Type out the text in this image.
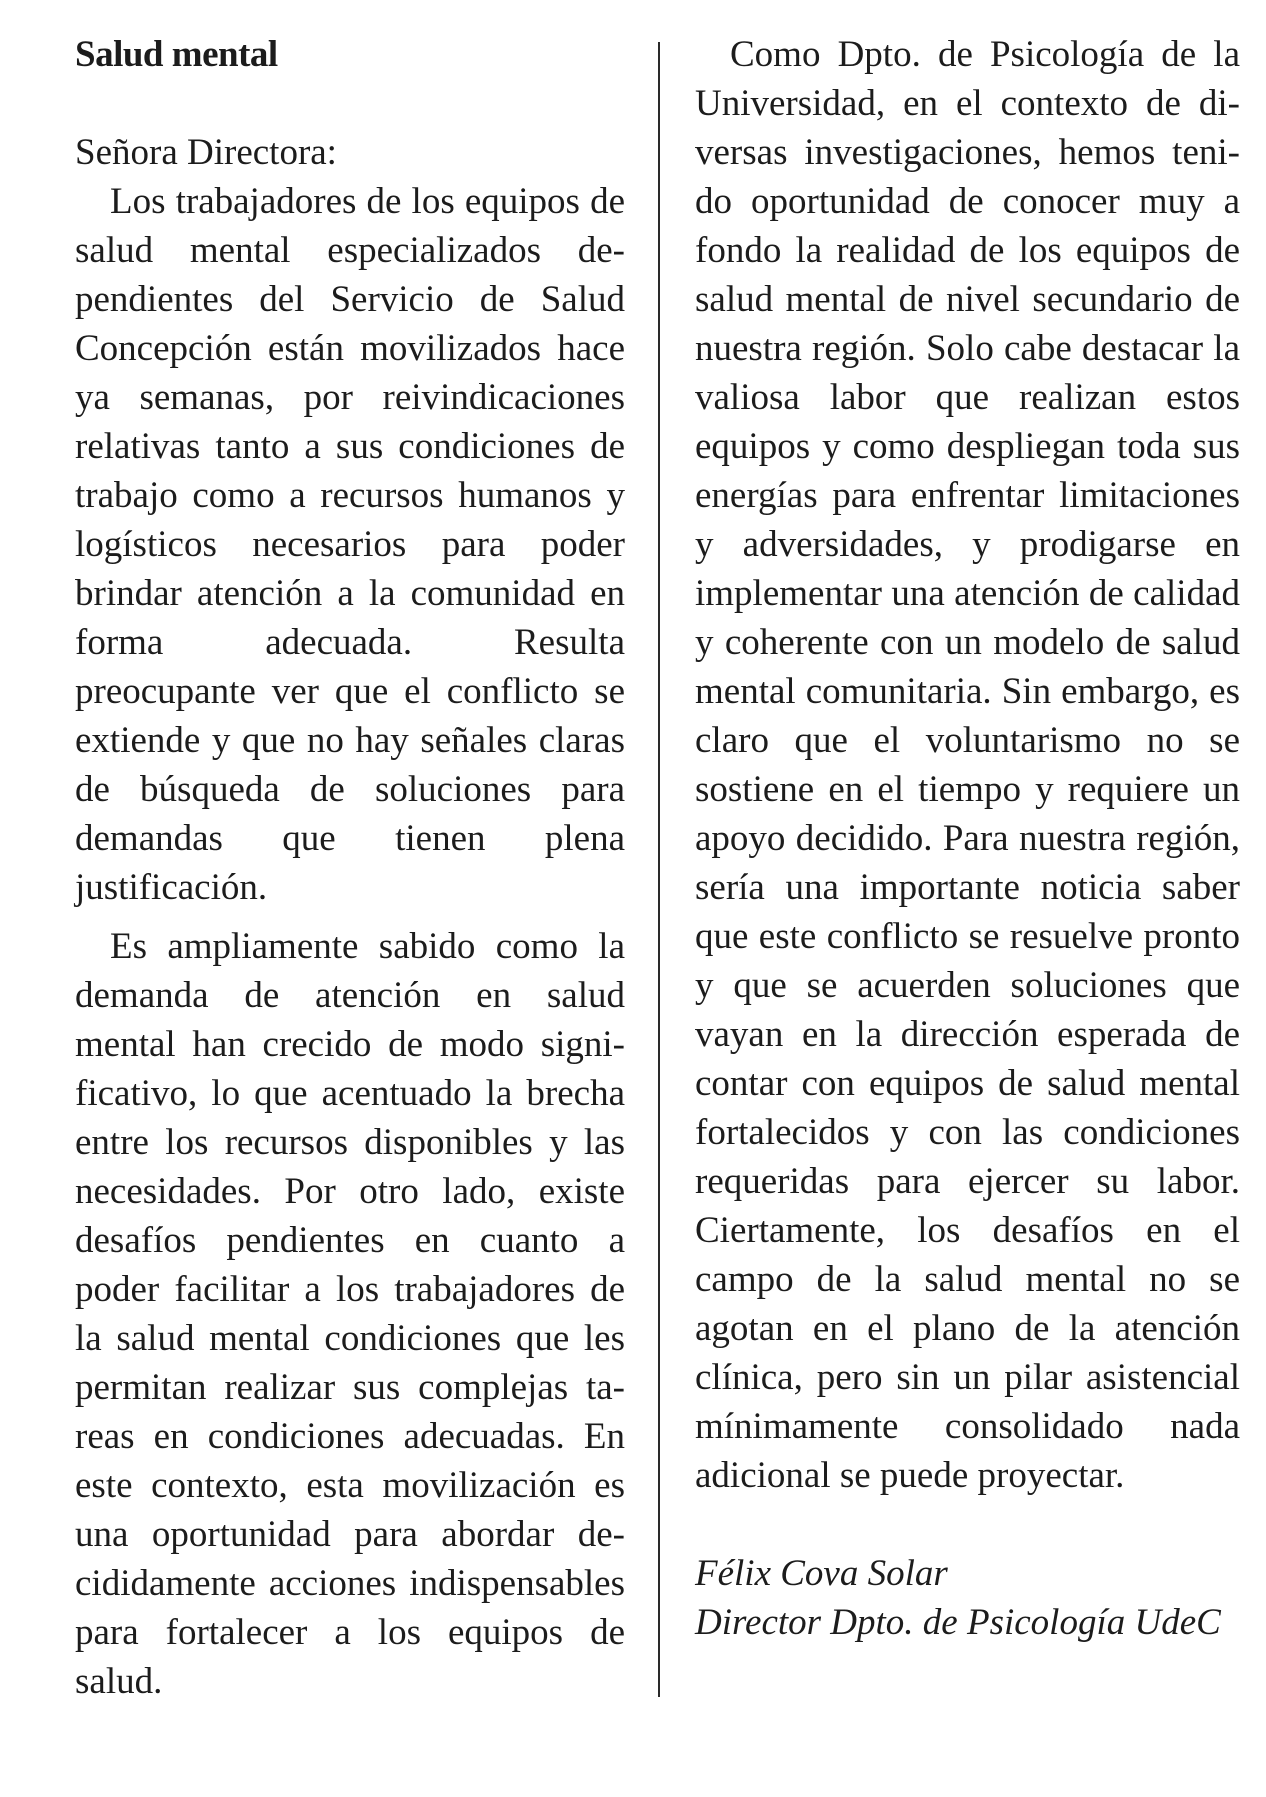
Salud mental
Señora Directora:

Los trabajadores de los equipos de salud mental especializados dependientes del Servicio de Salud Concepción están movilizados hace ya semanas, por reivindicaciones relativas tanto a sus condiciones de trabajo como a recursos humanos y logísticos necesarios para poder brindar atención a la comunidad en forma adecuada. Resulta preocupante ver que el conflicto se extiende y que no hay señales claras de búsqueda de soluciones para demandas que tienen plena justificación.

Es ampliamente sabido como la demanda de atención en salud mental han crecido de modo significativo, lo que acentuado la brecha entre los recursos disponibles y las necesidades. Por otro lado, existe desafíos pendientes en cuanto a poder facilitar a los trabajadores de la salud mental condiciones que les permitan realizar sus complejas tareas en condiciones adecuadas. En este contexto, esta movilización es una oportunidad para abordar decididamente acciones indispensables para fortalecer a los equipos de salud.

Como Dpto. de Psicología de la Universidad, en el contexto de diversas investigaciones, hemos tenido oportunidad de conocer muy a fondo la realidad de los equipos de salud mental de nivel secundario de nuestra región. Solo cabe destacar la valiosa labor que realizan estos equipos y como despliegan toda sus energías para enfrentar limitaciones y adversidades, y prodigarse en implementar una atención de calidad y coherente con un modelo de salud mental comunitaria. Sin embargo, es claro que el voluntarismo no se sostiene en el tiempo y requiere un apoyo decidido. Para nuestra región, sería una importante noticia saber que este conflicto se resuelve pronto y que se acuerden soluciones que vayan en la dirección esperada de contar con equipos de salud mental fortalecidos y con las condiciones requeridas para ejercer su labor. Ciertamente, los desafíos en el campo de la salud mental no se agotan en el plano de la atención clínica, pero sin un pilar asistencial mínimamente consolidado nada adicional se puede proyectar.

Félix Cova Solar
Director Dpto. de Psicología UdeC
